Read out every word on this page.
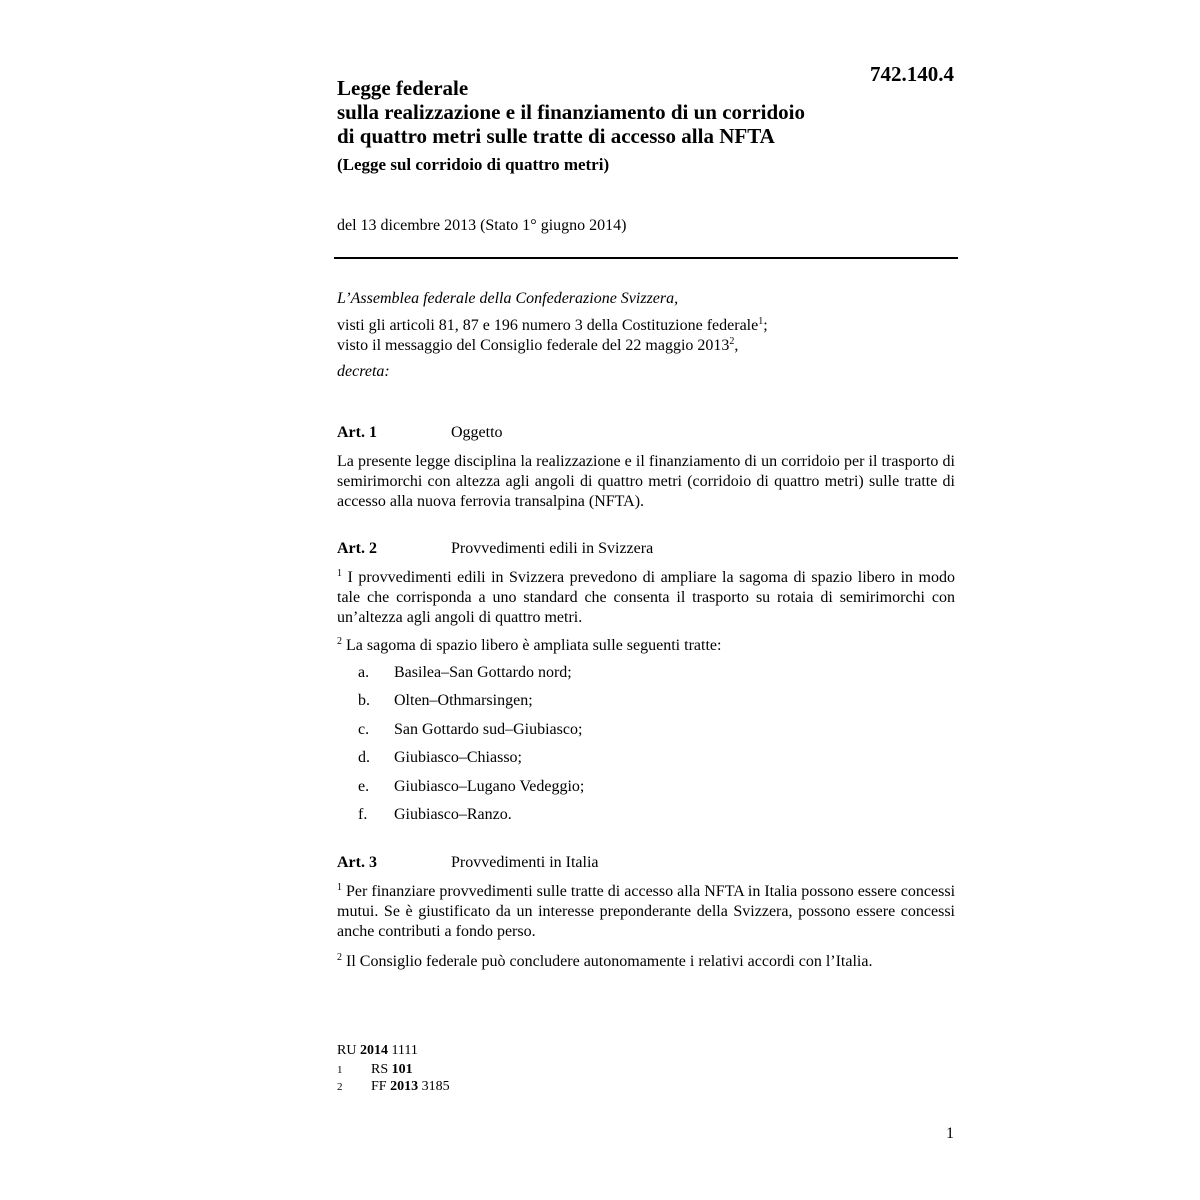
742.140.4
Legge federale
sulla realizzazione e il finanziamento di un corridoio
di quattro metri sulle tratte di accesso alla NFTA
(Legge sul corridoio di quattro metri)
del 13 dicembre 2013 (Stato 1° giugno 2014)
L’Assemblea federale della Confederazione Svizzera,
visti gli articoli 81, 87 e 196 numero 3 della Costituzione federale$^1$;
visto il messaggio del Consiglio federale del 22 maggio 2013$^2$,
decreta:
Art. 1	Oggetto
La presente legge disciplina la realizzazione e il finanziamento di un corridoio per il trasporto di semirimorchi con altezza agli angoli di quattro metri (corridoio di quattro metri) sulle tratte di accesso alla nuova ferrovia transalpina (NFTA).
Art. 2	Provvedimenti edili in Svizzera
$^1$ I provvedimenti edili in Svizzera prevedono di ampliare la sagoma di spazio libero in modo tale che corrisponda a uno standard che consenta il trasporto su rotaia di semirimorchi con un’altezza agli angoli di quattro metri.
$^2$ La sagoma di spazio libero è ampliata sulle seguenti tratte:
a. Basilea–San Gottardo nord;
b. Olten–Othmarsingen;
c. San Gottardo sud–Giubiasco;
d. Giubiasco–Chiasso;
e. Giubiasco–Lugano Vedeggio;
f. Giubiasco–Ranzo.
Art. 3	Provvedimenti in Italia
$^1$ Per finanziare provvedimenti sulle tratte di accesso alla NFTA in Italia possono essere concessi mutui. Se è giustificato da un interesse preponderante della Svizzera, possono essere concessi anche contributi a fondo perso.
$^2$ Il Consiglio federale può concludere autonomamente i relativi accordi con l’Italia.
RU 2014 1111
1 RS 101
2 FF 2013 3185
1
